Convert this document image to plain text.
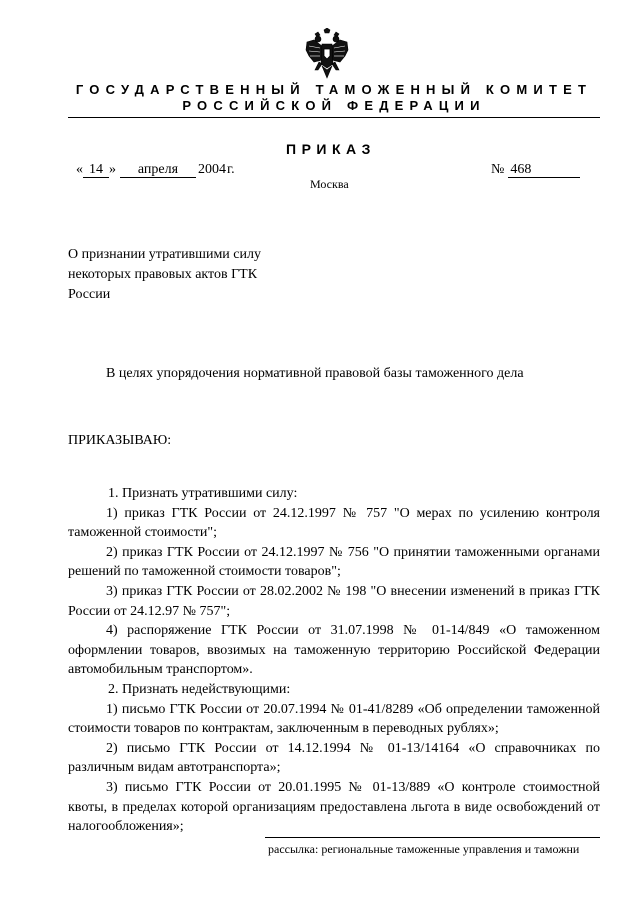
ГОСУДАРСТВЕННЫЙ ТАМОЖЕННЫЙ КОМИТЕТ
РОССИЙСКОЙ ФЕДЕРАЦИИ
ПРИКАЗ
« 14 » апреля 2004г.	№ 468
Москва
О признании утратившими силу некоторых правовых актов ГТК России
В целях упорядочения нормативной правовой базы таможенного дела
ПРИКАЗЫВАЮ:

1. Признать утратившими силу:

1) приказ ГТК России от 24.12.1997 № 757 "О мерах по усилению контроля таможенной стоимости";

2) приказ ГТК России от 24.12.1997 № 756 "О принятии таможенными органами решений по таможенной стоимости товаров";

3) приказ ГТК России от 28.02.2002 № 198 "О внесении изменений в приказ ГТК России от 24.12.97 № 757";

4) распоряжение ГТК России от 31.07.1998 № 01-14/849 «О таможенном оформлении товаров, ввозимых на таможенную территорию Российской Федерации автомобильным транспортом».

2. Признать недействующими:

1) письмо ГТК России от 20.07.1994 № 01-41/8289 «Об определении таможенной стоимости товаров по контрактам, заключенным в переводных рублях»;

2) письмо ГТК России от 14.12.1994 № 01-13/14164 «О справочниках по различным видам автотранспорта»;

3) письмо ГТК России от 20.01.1995 № 01-13/889 «О контроле стоимостной квоты, в пределах которой организациям предоставлена льгота в виде освобождений от налогообложения»;

рассылка: региональные таможенные управления и таможни
